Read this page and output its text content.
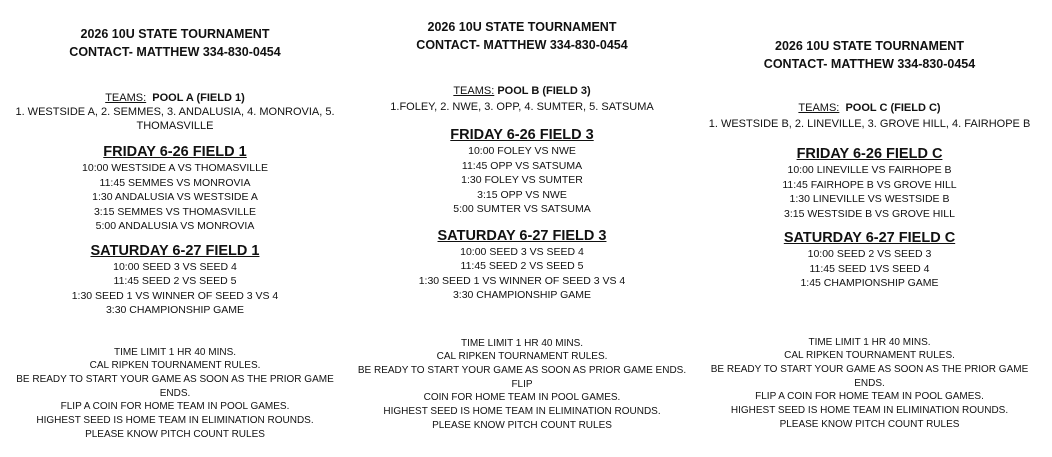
2026 10U STATE TOURNAMENT
CONTACT- MATTHEW 334-830-0454
TEAMS: POOL A (FIELD 1)
1. WESTSIDE A, 2. SEMMES, 3. ANDALUSIA, 4. MONROVIA, 5.
THOMASVILLE
FRIDAY 6-26 FIELD 1
10:00 WESTSIDE A VS THOMASVILLE
11:45 SEMMES VS MONROVIA
1:30 ANDALUSIA VS WESTSIDE A
3:15 SEMMES VS THOMASVILLE
5:00 ANDALUSIA VS MONROVIA
SATURDAY 6-27 FIELD 1
10:00 SEED 3 VS SEED 4
11:45 SEED 2 VS SEED 5
1:30 SEED 1 VS WINNER OF SEED 3 VS 4
3:30 CHAMPIONSHIP GAME
TIME LIMIT 1 HR 40 MINS.
CAL RIPKEN TOURNAMENT RULES.
BE READY TO START YOUR GAME AS SOON AS THE PRIOR GAME ENDS.
FLIP A COIN FOR HOME TEAM IN POOL GAMES.
HIGHEST SEED IS HOME TEAM IN ELIMINATION ROUNDS.
PLEASE KNOW PITCH COUNT RULES
2026 10U STATE TOURNAMENT
CONTACT- MATTHEW 334-830-0454
TEAMS: POOL B (FIELD 3)
1.FOLEY, 2. NWE, 3. OPP, 4. SUMTER, 5. SATSUMA
FRIDAY 6-26 FIELD 3
10:00 FOLEY VS NWE
11:45 OPP VS SATSUMA
1:30 FOLEY VS SUMTER
3:15 OPP VS NWE
5:00 SUMTER VS SATSUMA
SATURDAY 6-27 FIELD 3
10:00 SEED 3 VS SEED 4
11:45 SEED 2 VS SEED 5
1:30 SEED 1 VS WINNER OF SEED 3 VS 4
3:30 CHAMPIONSHIP GAME
TIME LIMIT 1 HR 40 MINS.
CAL RIPKEN TOURNAMENT RULES.
BE READY TO START YOUR GAME AS SOON AS PRIOR GAME ENDS. FLIP
COIN FOR HOME TEAM IN POOL GAMES.
HIGHEST SEED IS HOME TEAM IN ELIMINATION ROUNDS.
PLEASE KNOW PITCH COUNT RULES
2026 10U STATE TOURNAMENT
CONTACT- MATTHEW 334-830-0454
TEAMS: POOL C (FIELD C)
1. WESTSIDE B, 2. LINEVILLE, 3. GROVE HILL, 4. FAIRHOPE B
FRIDAY 6-26 FIELD C
10:00 LINEVILLE VS FAIRHOPE B
11:45 FAIRHOPE B VS GROVE HILL
1:30 LINEVILLE VS WESTSIDE B
3:15 WESTSIDE B VS GROVE HILL
SATURDAY 6-27 FIELD C
10:00 SEED 2 VS SEED 3
11:45 SEED 1VS SEED 4
1:45 CHAMPIONSHIP GAME
TIME LIMIT 1 HR 40 MINS.
CAL RIPKEN TOURNAMENT RULES.
BE READY TO START YOUR GAME AS SOON AS THE PRIOR GAME ENDS.
FLIP A COIN FOR HOME TEAM IN POOL GAMES.
HIGHEST SEED IS HOME TEAM IN ELIMINATION ROUNDS.
PLEASE KNOW PITCH COUNT RULES
